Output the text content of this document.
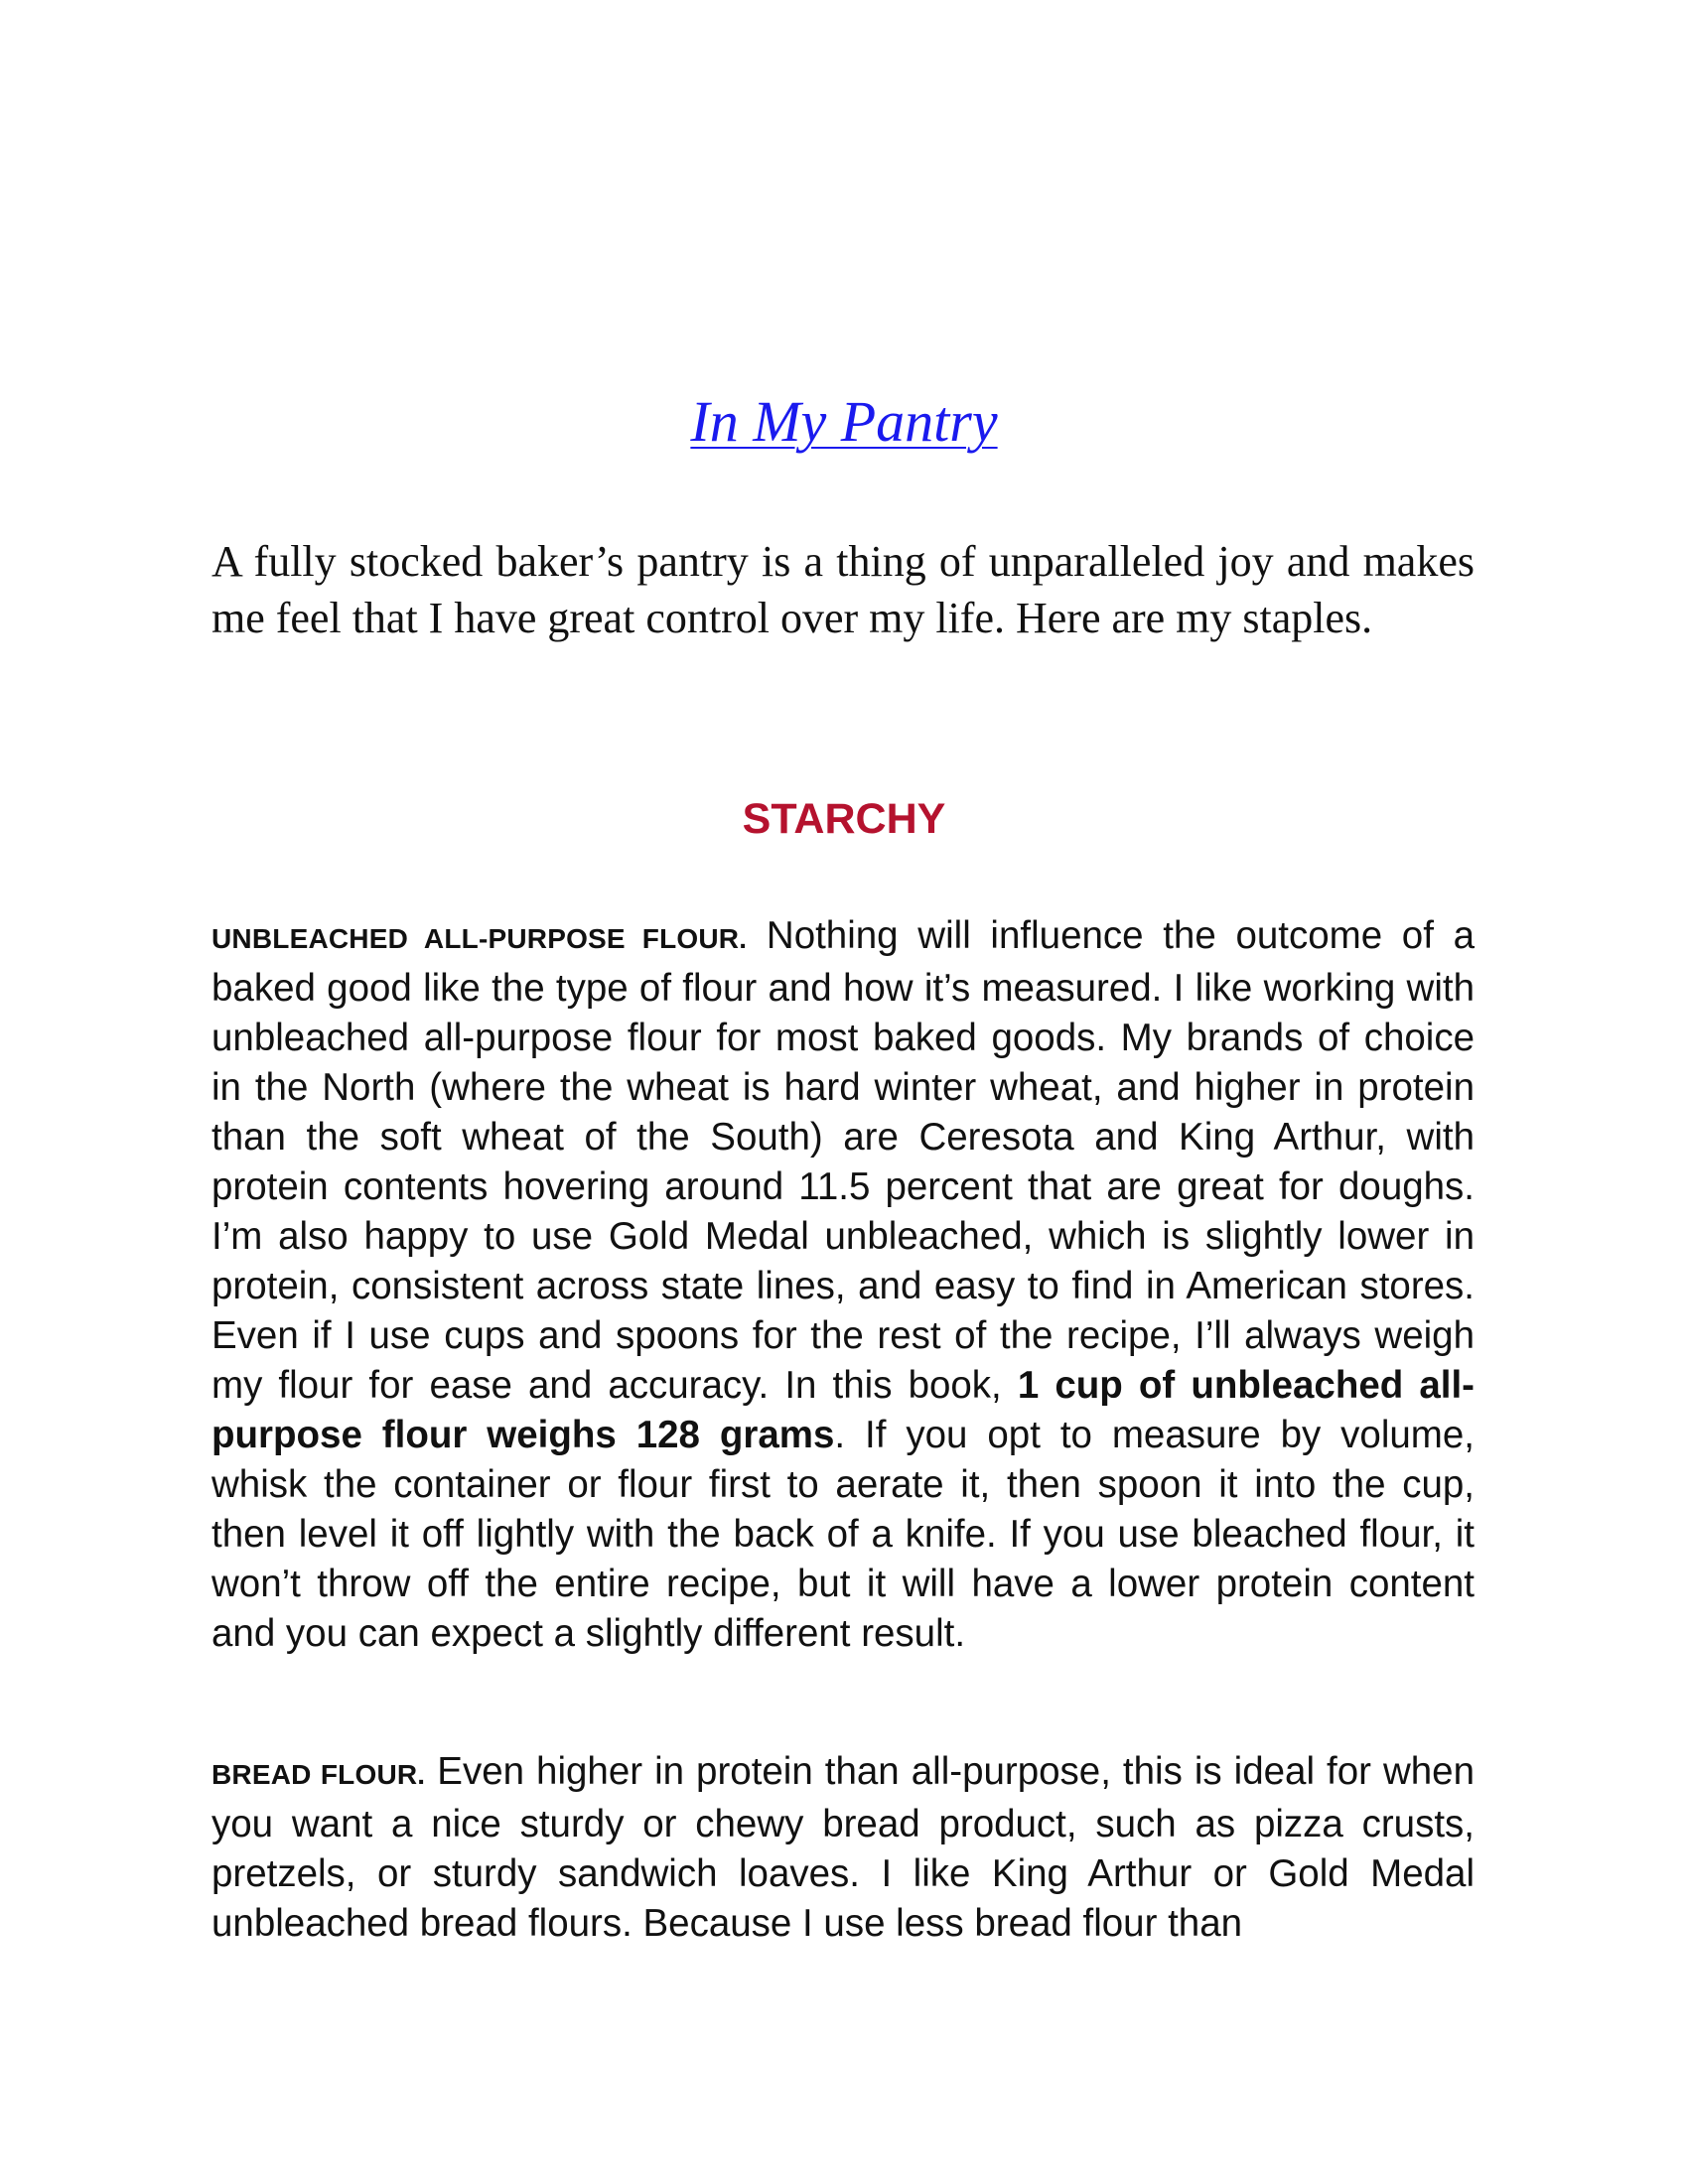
In My Pantry

A fully stocked baker’s pantry is a thing of unparalleled joy and makes me feel that I have great control over my life. Here are my staples.

STARCHY

UNBLEACHED ALL-PURPOSE FLOUR. Nothing will influence the outcome of a baked good like the type of flour and how it’s measured. I like working with unbleached all-purpose flour for most baked goods. My brands of choice in the North (where the wheat is hard winter wheat, and higher in protein than the soft wheat of the South) are Ceresota and King Arthur, with protein contents hovering around 11.5 percent that are great for doughs. I’m also happy to use Gold Medal unbleached, which is slightly lower in protein, consistent across state lines, and easy to find in American stores. Even if I use cups and spoons for the rest of the recipe, I’ll always weigh my flour for ease and accuracy. In this book, 1 cup of unbleached all-purpose flour weighs 128 grams. If you opt to measure by volume, whisk the container or flour first to aerate it, then spoon it into the cup, then level it off lightly with the back of a knife. If you use bleached flour, it won’t throw off the entire recipe, but it will have a lower protein content and you can expect a slightly different result.

BREAD FLOUR. Even higher in protein than all-purpose, this is ideal for when you want a nice sturdy or chewy bread product, such as pizza crusts, pretzels, or sturdy sandwich loaves. I like King Arthur or Gold Medal unbleached bread flours. Because I use less bread flour than
